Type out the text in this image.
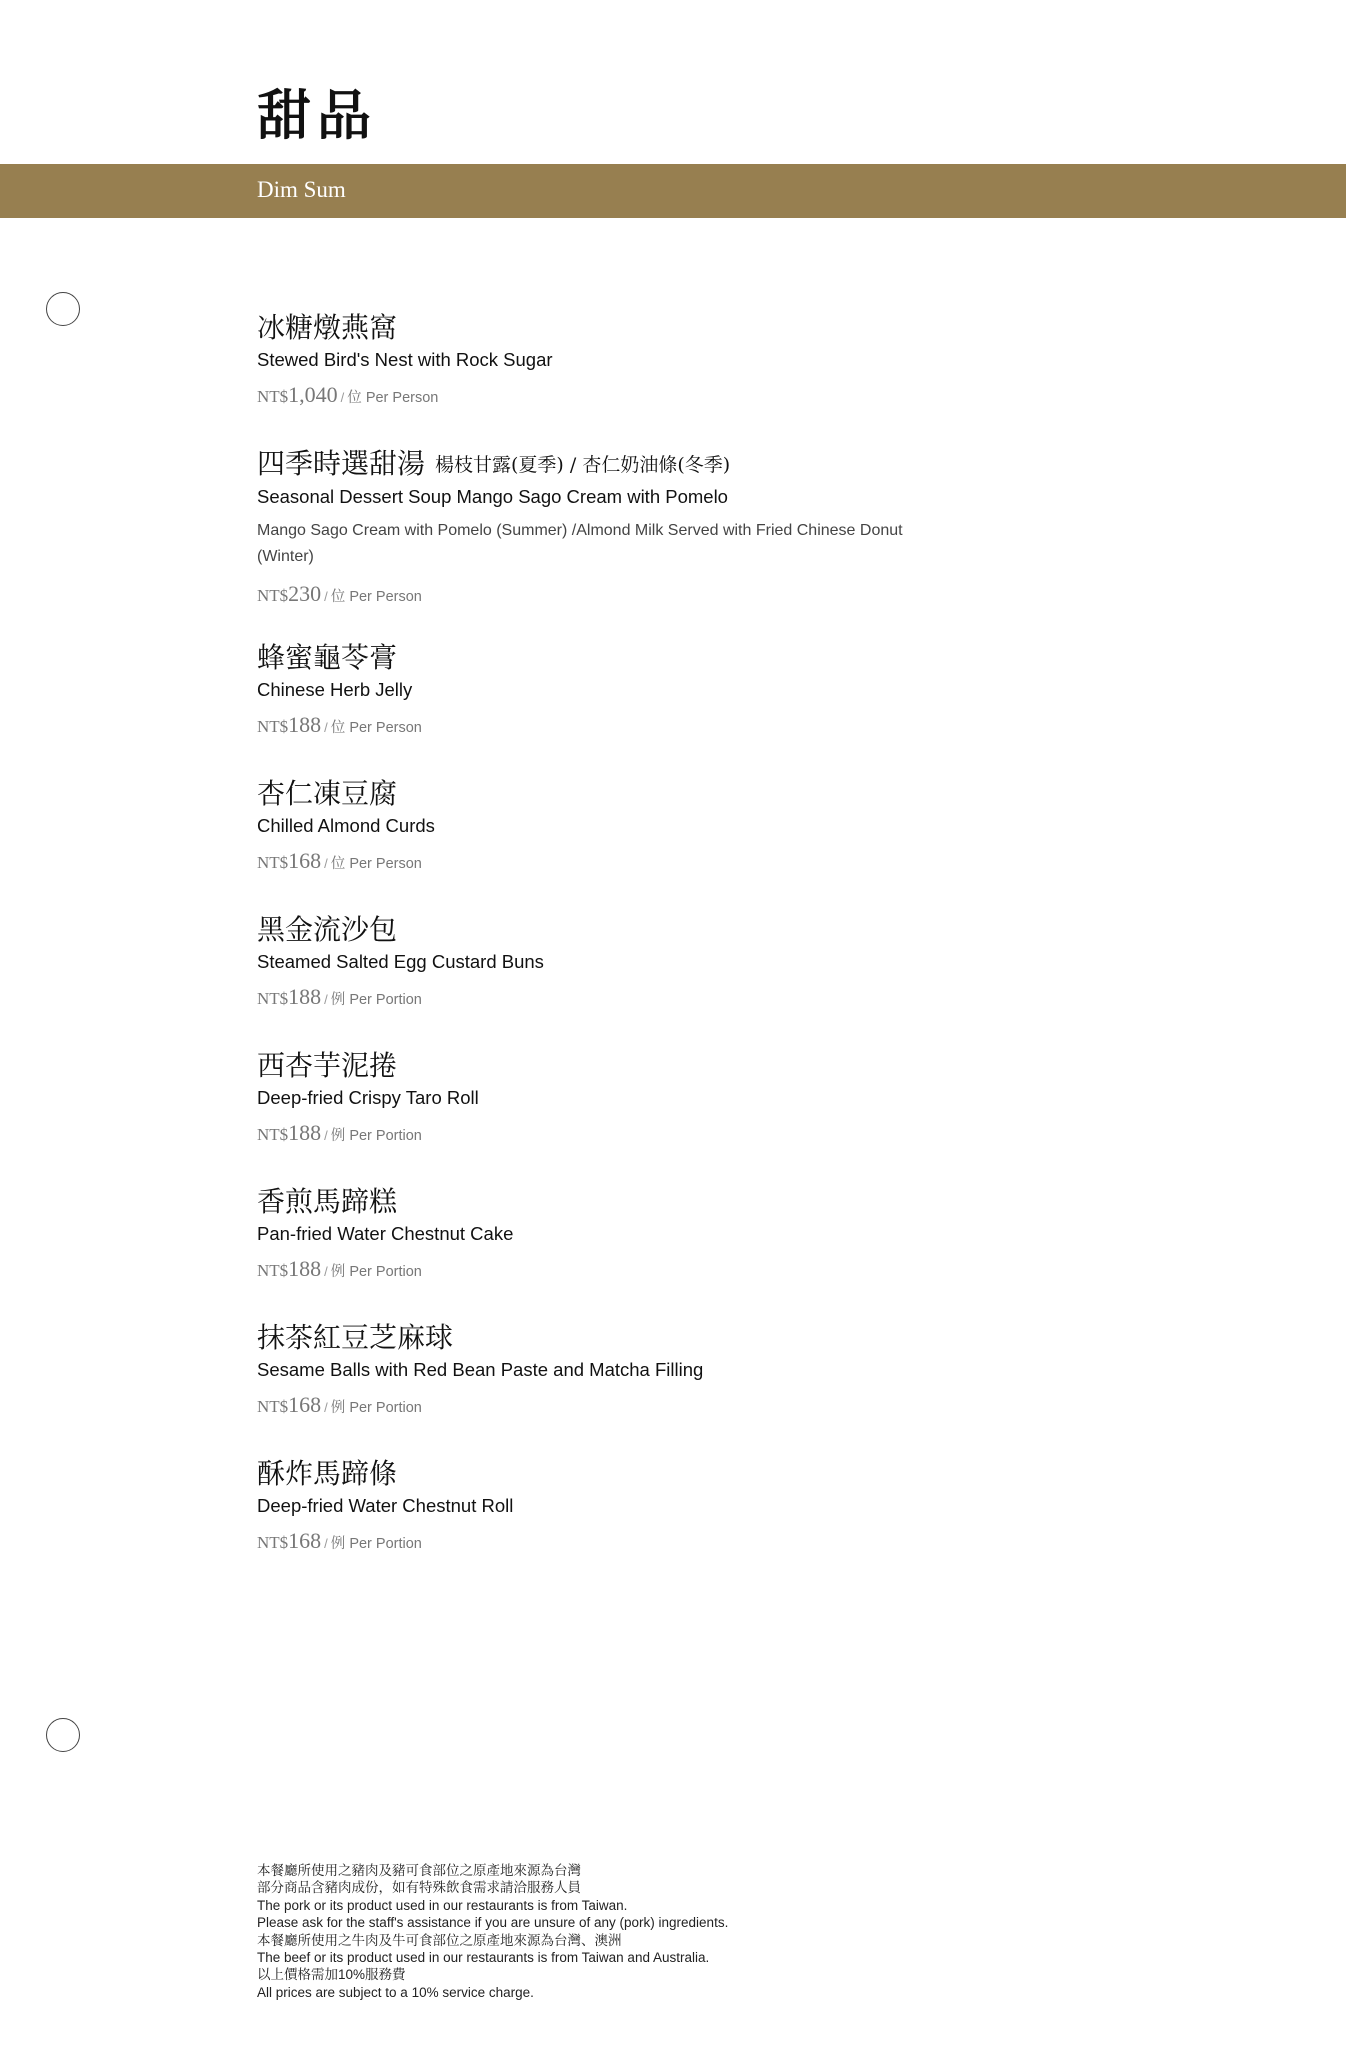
甜品
Dim Sum
冰糖燉燕窩
Stewed Bird's Nest with Rock Sugar
NT$1,040 / 位 Per Person
四季時選甜湯 楊枝甘露(夏季) / 杏仁奶油條(冬季)
Seasonal Dessert Soup Mango Sago Cream with Pomelo
Mango Sago Cream with Pomelo (Summer) /Almond Milk Served with Fried Chinese Donut (Winter)
NT$230 / 位 Per Person
蜂蜜龜苓膏
Chinese Herb Jelly
NT$188 / 位 Per Person
杏仁凍豆腐
Chilled Almond Curds
NT$168 / 位 Per Person
黑金流沙包
Steamed Salted Egg Custard Buns
NT$188 / 例 Per Portion
西杏芋泥捲
Deep-fried Crispy Taro Roll
NT$188 / 例 Per Portion
香煎馬蹄糕
Pan-fried Water Chestnut Cake
NT$188 / 例 Per Portion
抹茶紅豆芝麻球
Sesame Balls with Red Bean Paste and Matcha Filling
NT$168 / 例 Per Portion
酥炸馬蹄條
Deep-fried Water Chestnut Roll
NT$168 / 例 Per Portion
本餐廳所使用之豬肉及豬可食部位之原產地來源為台灣
部分商品含豬肉成份，如有特殊飲食需求請洽服務人員
The pork or its product used in our restaurants is from Taiwan.
Please ask for the staff's assistance if you are unsure of any (pork) ingredients.
本餐廳所使用之牛肉及牛可食部位之原產地來源為台灣、澳洲
The beef or its product used in our restaurants is from Taiwan and Australia.
以上價格需加10%服務費
All prices are subject to a 10% service charge.
